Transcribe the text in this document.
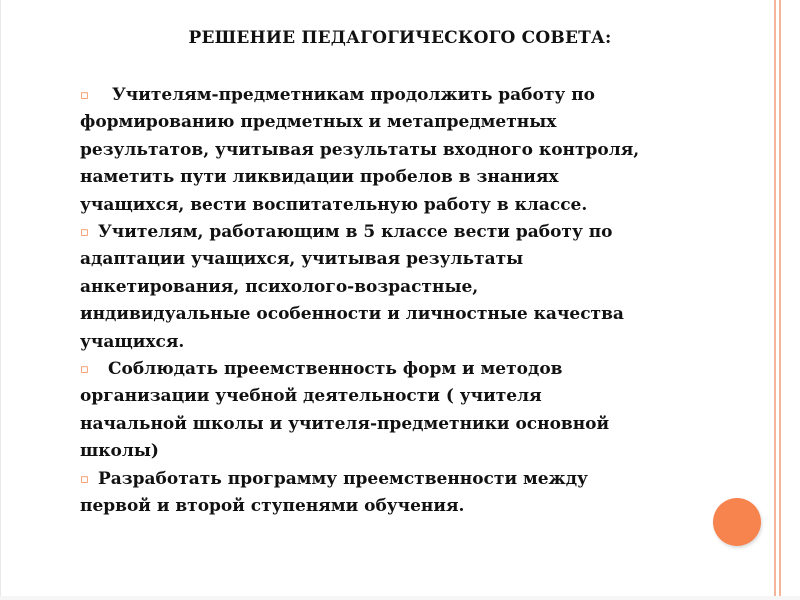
РЕШЕНИЕ ПЕДАГОГИЧЕСКОГО СОВЕТА:
▫ Учителям-предметникам продолжить работу по
формированию предметных и метапредметных
результатов, учитывая результаты входного контроля,
наметить пути ликвидации пробелов в знаниях
учащихся, вести воспитательную работу в классе.
▫ Учителям, работающим в 5 классе вести работу по
адаптации учащихся, учитывая результаты
анкетирования, психолого-возрастные,
индивидуальные особенности и личностные качества
учащихся.
▫ Соблюдать преемственность форм и методов
организации учебной деятельности ( учителя
начальной школы и учителя-предметники основной
школы)
▫ Разработать программу преемственности между
первой и второй ступенями обучения.
